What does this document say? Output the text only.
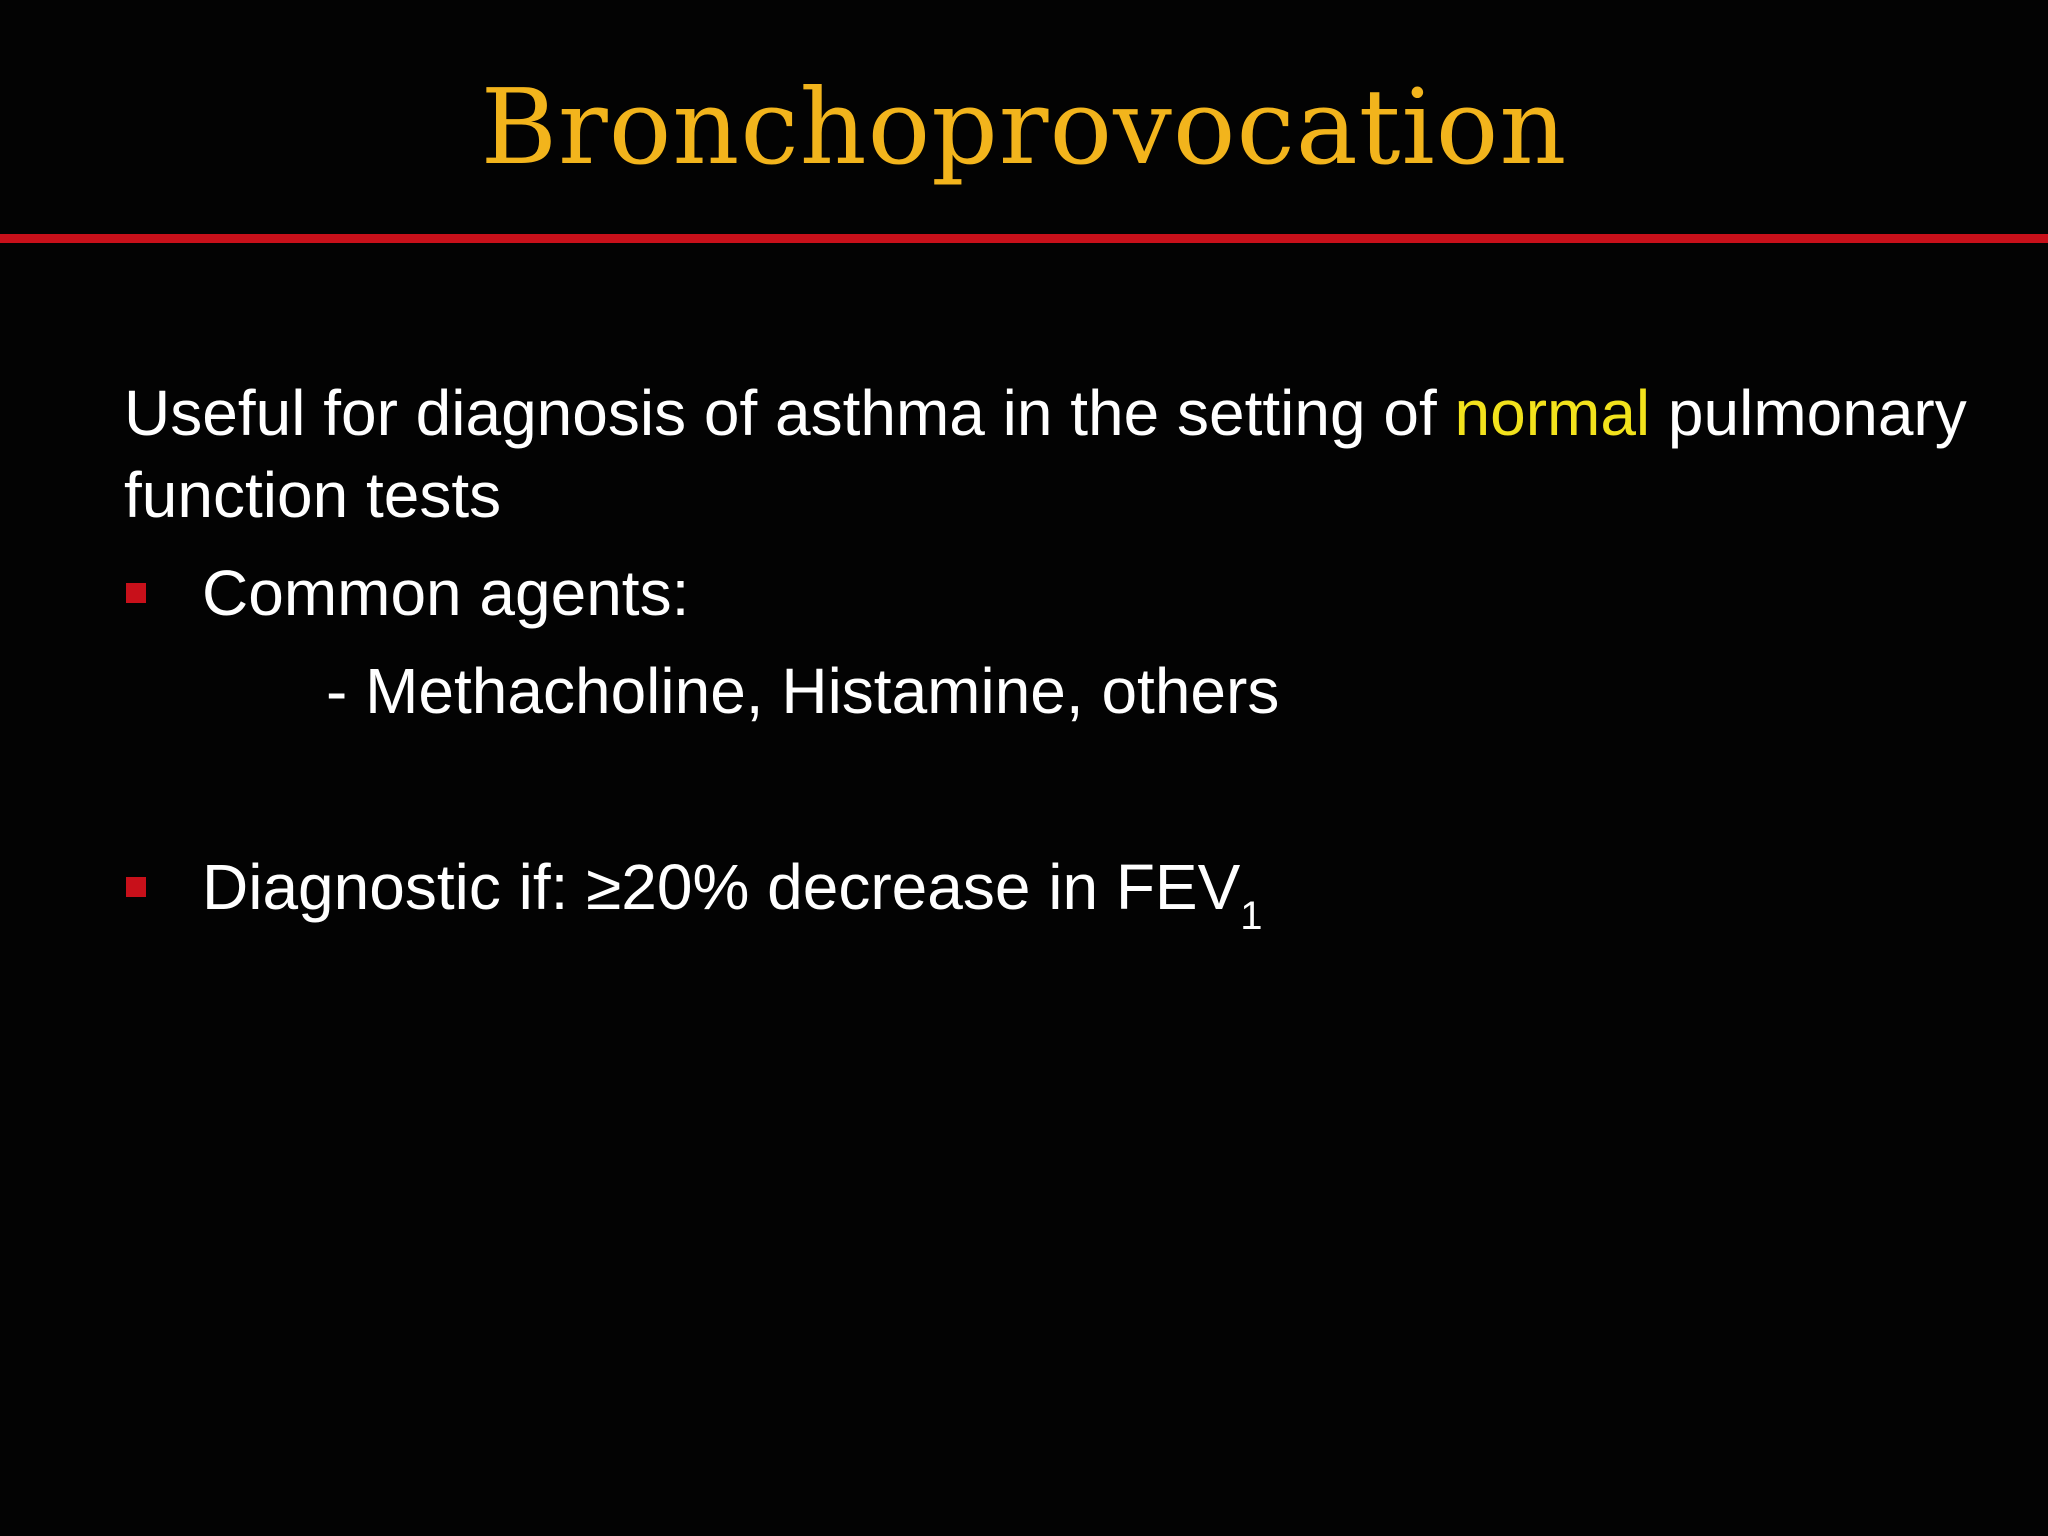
Bronchoprovocation
Useful for diagnosis of asthma in the setting of normal pulmonary function tests
Common agents:
- Methacholine, Histamine, others
Diagnostic if: ≥20% decrease in $FEV_1$
